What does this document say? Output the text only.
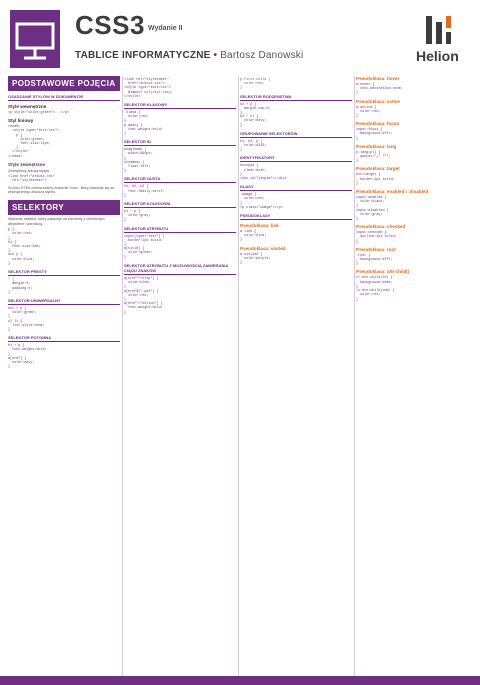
CSS3 Wydanie II
TABLICE INFORMATYCZNE • Bartosz Danowski	Helion
PODSTAWOWE POJĘCIA
OSADZANIE STYLÓW W DOKUMENCIE
Style wewnętrzne
<p style="color:green">...</p>
Styl liniowy
<head>
<style type="text/css">
p {
color:green;
font-size:11px;
}
</style>
</head>
Style zewnętrzne
Zewnętrzny arkusz stylów
<link href="arkusz.css"
rel="stylesheet">
W pliku HTML umieszczamy znacznik <link>, który odwołuje się do zewnętrznego arkusza stylów.
SELEKTORY
Wybierać selektor, który wskazuje na elementy z określonym atrybutem i wartością.
p {
color:red;
}
h1 {
font-size:2em;
}
div p {
color:blue;
}
SELEKTOR PRESTY
* {
margin:0;
padding:0;
}
SELEKTOR UNIWERSALNY
div > p {
color:green;
}
ul li {
list-style:none;
}
SELEKTOR POTOMNA
h1 + p {
font-weight:bold;
}
a[href] {
color:navy;
}
<link rel="stylesheet"
href="arkusz.css">
<style type="text/css">
@import url(styl.css);
</style>
SELEKTOR KLASOWY
.klasa {
color:red;
}
p.wazny {
font-weight:bold;
}
SELEKTOR ID
#naglowek {
width:960px;
}
div#menu {
float:left;
}
SELEKTOR GUSTA
h1, h2, h3 {
font-family:serif;
}
SELEKTOR KOLEGOWA
h1 ~ p {
color:gray;
}
SELEKTOR ATRYBUTU
input[type="text"] {
border:1px solid;
}
a[title] {
color:green;
}
SELEKTOR ATRYBUTU Z MOŻLIWOŚCIĄ ZAWIERANIA CIĄGU ZNAKÓW
a[href^="http"] {
color:blue;
}
a[href$=".pdf"] {
color:red;
}
a[href*="helion"] {
font-weight:bold;
}
p:first-child {
color:red;
}
SELEKTOR RODZEŃSTWA
h2 + p {
margin-top:0;
}
h2 ~ ul {
color:navy;
}
GRUPOWANIE SELEKTORÓW
h1, h2, p {
color:#333;
}
IDENTYFIKATORY
#stopka {
clear:both;
}
<div id="stopka"></div>
KLASY
.uwaga {
color:red;
}
<p class="uwaga"></p>
PSEUDOKLASY
Pseudoklasa: link
a:link {
color:blue;
}
Pseudoklasa: visited
a:visited {
color:purple;
}
Pseudoklasa: hover
a:hover {
text-decoration:none;
}
Pseudoklasa: active
a:active {
color:red;
}
Pseudoklasa: focus
input:focus {
background:#ffc;
}
Pseudoklasa: lang
p:lang(pl) {
quotes:"„" "”";
}
Pseudoklasa: target
div:target {
border:1px solid;
}
Pseudoklasa: enabled i :disabled
input:enabled {
color:black;
}
input:disabled {
color:gray;
}
Pseudoklasa: checked
input:checked {
outline:1px solid;
}
Pseudoklasa: root
:root {
background:#fff;
}
Pseudoklasa: nth-child()
tr:nth-child(2n) {
background:#eee;
}
li:nth-child(odd) {
color:red;
}
